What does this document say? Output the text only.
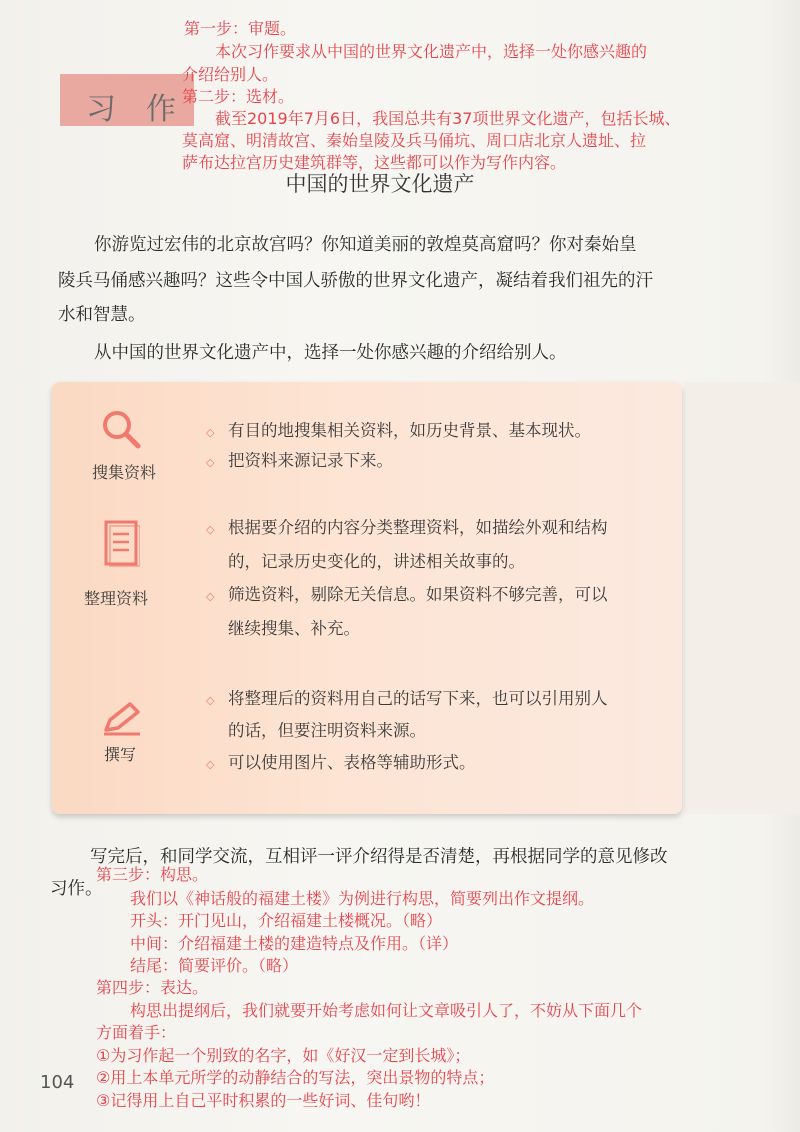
习作
第一步：审题。
本次习作要求从中国的世界文化遗产中，选择一处你感兴趣的
介绍给别人。
第二步：选材。
截至2019年7月6日，我国总共有37项世界文化遗产，包括长城、
莫高窟、明清故宫、秦始皇陵及兵马俑坑、周口店北京人遗址、拉
萨布达拉宫历史建筑群等，这些都可以作为写作内容。
中国的世界文化遗产
你游览过宏伟的北京故宫吗？你知道美丽的敦煌莫高窟吗？你对秦始皇
陵兵马俑感兴趣吗？这些令中国人骄傲的世界文化遗产，凝结着我们祖先的汗
水和智慧。
从中国的世界文化遗产中，选择一处你感兴趣的介绍给别人。
搜集资料
◇ 有目的地搜集相关资料，如历史背景、基本现状。
◇ 把资料来源记录下来。
整理资料
◇ 根据要介绍的内容分类整理资料，如描绘外观和结构
的，记录历史变化的，讲述相关故事的。
◇ 筛选资料，剔除无关信息。如果资料不够完善，可以
继续搜集、补充。
撰写
◇ 将整理后的资料用自己的话写下来，也可以引用别人
的话，但要注明资料来源。
◇ 可以使用图片、表格等辅助形式。
写完后，和同学交流，互相评一评介绍得是否清楚，再根据同学的意见修改
习作。
第三步：构思。
我们以《神话般的福建土楼》为例进行构思，简要列出作文提纲。
开头：开门见山，介绍福建土楼概况。（略）
中间：介绍福建土楼的建造特点及作用。（详）
结尾：简要评价。（略）
第四步：表达。
构思出提纲后，我们就要开始考虑如何让文章吸引人了，不妨从下面几个
方面着手：
①为习作起一个别致的名字，如《好汉一定到长城》；
②用上本单元所学的动静结合的写法，突出景物的特点；
③记得用上自己平时积累的一些好词、佳句哟！
104
